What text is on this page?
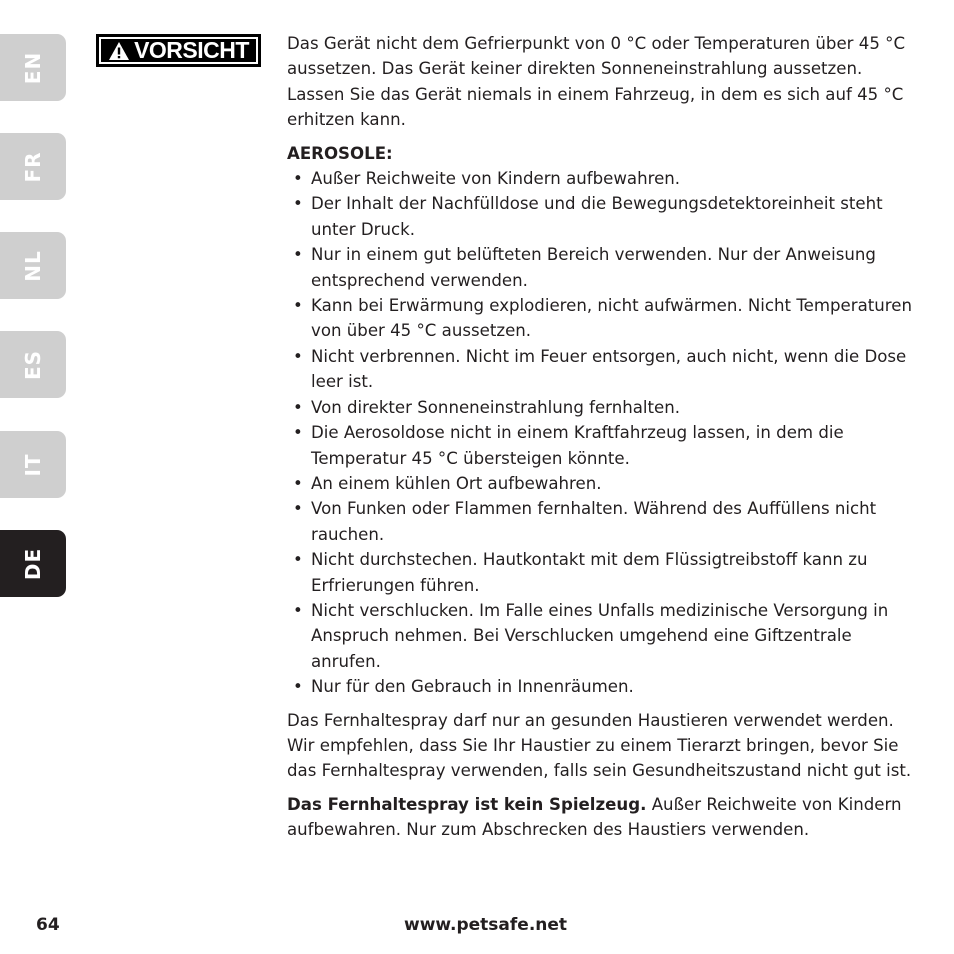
EN
FR
NL
ES
IT
DE
VORSICHT Das Gerät nicht dem Gefrierpunkt von 0 °C oder Temperaturen über 45 °C aussetzen. Das Gerät keiner direkten Sonneneinstrahlung aussetzen. Lassen Sie das Gerät niemals in einem Fahrzeug, in dem es sich auf 45 °C erhitzen kann.

AEROSOLE:

• Außer Reichweite von Kindern aufbewahren.
• Der Inhalt der Nachfülldose und die Bewegungsdetektoreinheit steht unter Druck.
• Nur in einem gut belüfteten Bereich verwenden. Nur der Anweisung entsprechend verwenden.
• Kann bei Erwärmung explodieren, nicht aufwärmen. Nicht Temperaturen von über 45 °C aussetzen.
• Nicht verbrennen. Nicht im Feuer entsorgen, auch nicht, wenn die Dose leer ist.
• Von direkter Sonneneinstrahlung fernhalten.
• Die Aerosoldose nicht in einem Kraftfahrzeug lassen, in dem die Temperatur 45 °C übersteigen könnte.
• An einem kühlen Ort aufbewahren.
• Von Funken oder Flammen fernhalten. Während des Auffüllens nicht rauchen.
• Nicht durchstechen. Hautkontakt mit dem Flüssigtreibstoff kann zu Erfrierungen führen.
• Nicht verschlucken. Im Falle eines Unfalls medizinische Versorgung in Anspruch nehmen. Bei Verschlucken umgehend eine Giftzentrale anrufen.
• Nur für den Gebrauch in Innenräumen.

Das Fernhaltespray darf nur an gesunden Haustieren verwendet werden. Wir empfehlen, dass Sie Ihr Haustier zu einem Tierarzt bringen, bevor Sie das Fernhaltespray verwenden, falls sein Gesundheitszustand nicht gut ist.

Das Fernhaltespray ist kein Spielzeug. Außer Reichweite von Kindern aufbewahren. Nur zum Abschrecken des Haustiers verwenden.

64	www.petsafe.net
